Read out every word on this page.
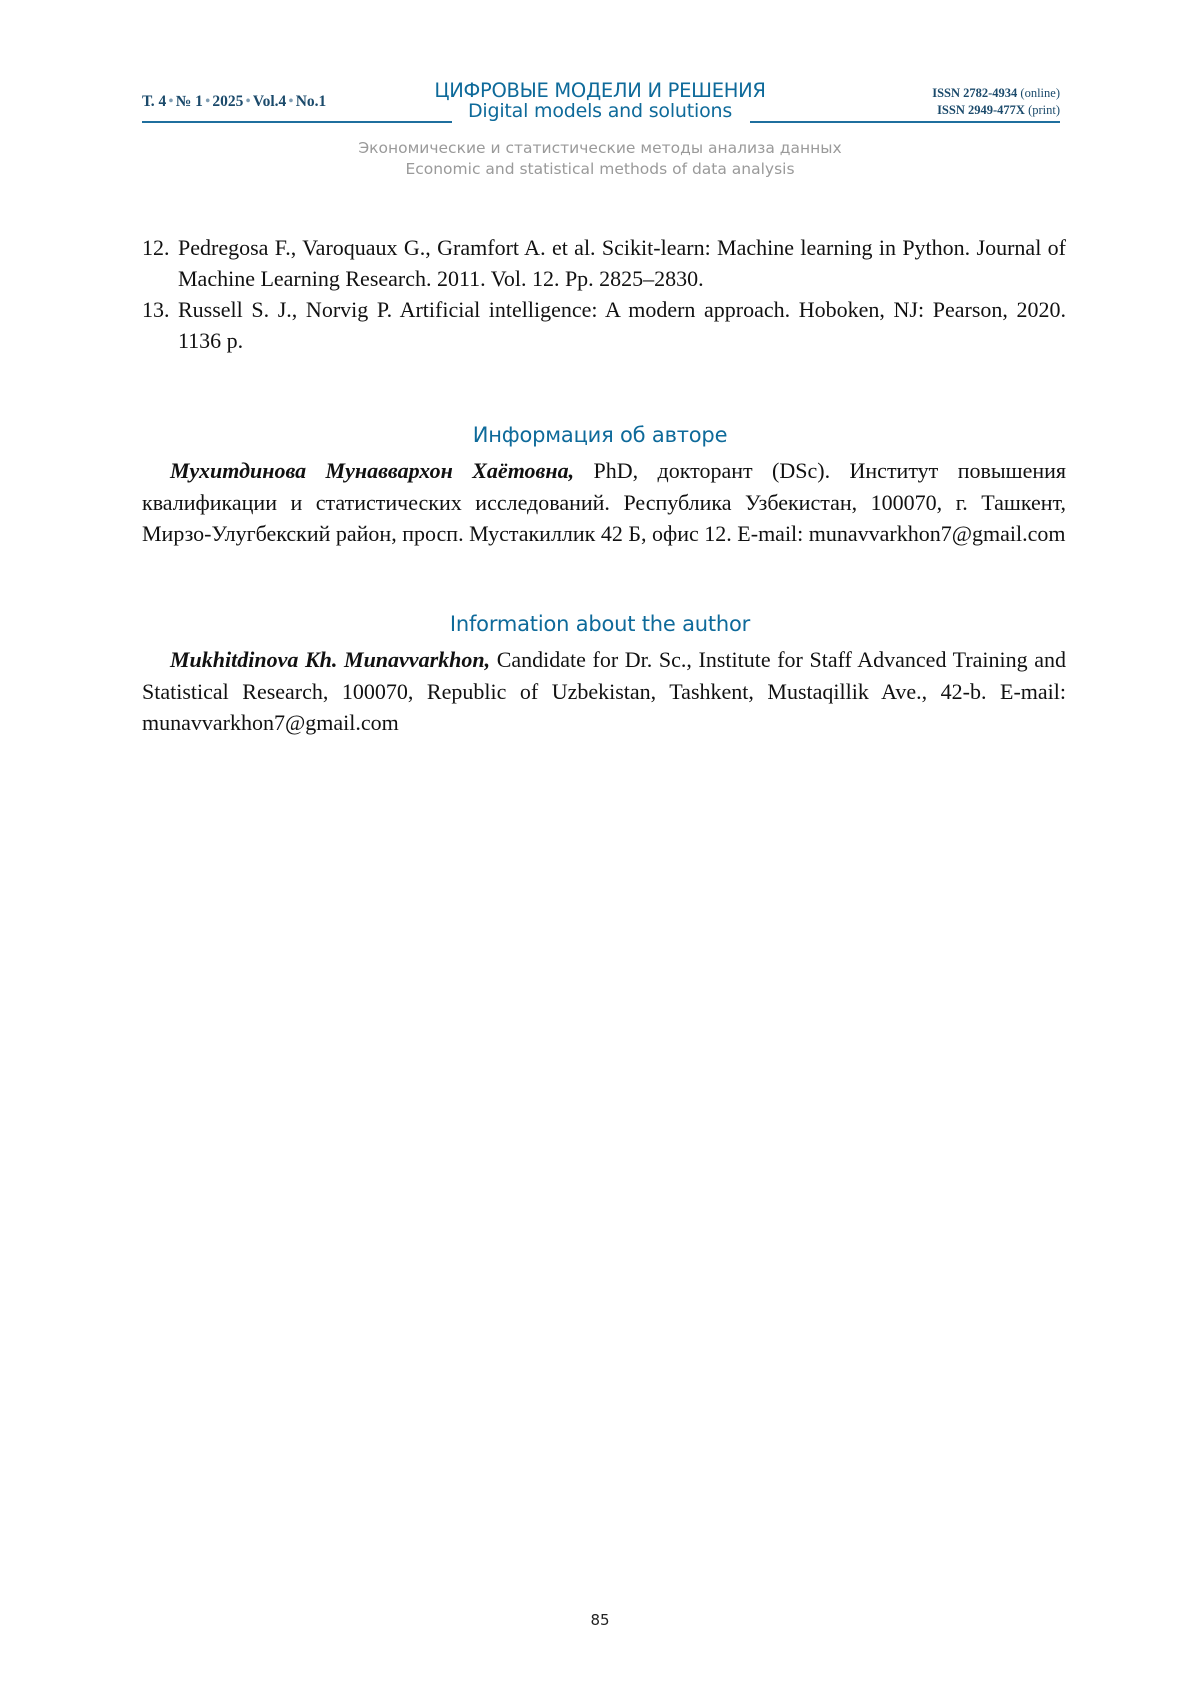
Т. 4 • № 1 • 2025 • Vol.4 • No.1	ЦИФРОВЫЕ МОДЕЛИ И РЕШЕНИЯ
Digital models and solutions
ISSN 2782-4934 (online)
ISSN 2949-477X (print)
Экономические и статистические методы анализа данных
Economic and statistical methods of data analysis
12. Pedregosa F., Varoquaux G., Gramfort A. et al. Scikit-learn: Machine learning in Python. Journal of Machine Learning Research. 2011. Vol. 12. Pp. 2825–2830.
13. Russell S. J., Norvig P. Artificial intelligence: A modern approach. Hoboken, NJ: Pearson, 2020. 1136 p.
Информация об авторе

Мухитдинова Мунаввархон Хаётовна, PhD, докторант (DSc). Институт повышения квалификации и статистических исследований. Республика Узбекистан, 100070, г. Ташкент, Мирзо-Улугбекский район, просп. Мустакиллик 42 Б, офис 12. E-mail: munavvarkhon7@gmail.com

Information about the author

Mukhitdinova Kh. Munavvarkhon, Candidate for Dr. Sc., Institute for Staff Advanced Training and Statistical Research, 100070, Republic of Uzbekistan, Tashkent, Mustaqillik Ave., 42-b. E-mail: munavvarkhon7@gmail.com

85
